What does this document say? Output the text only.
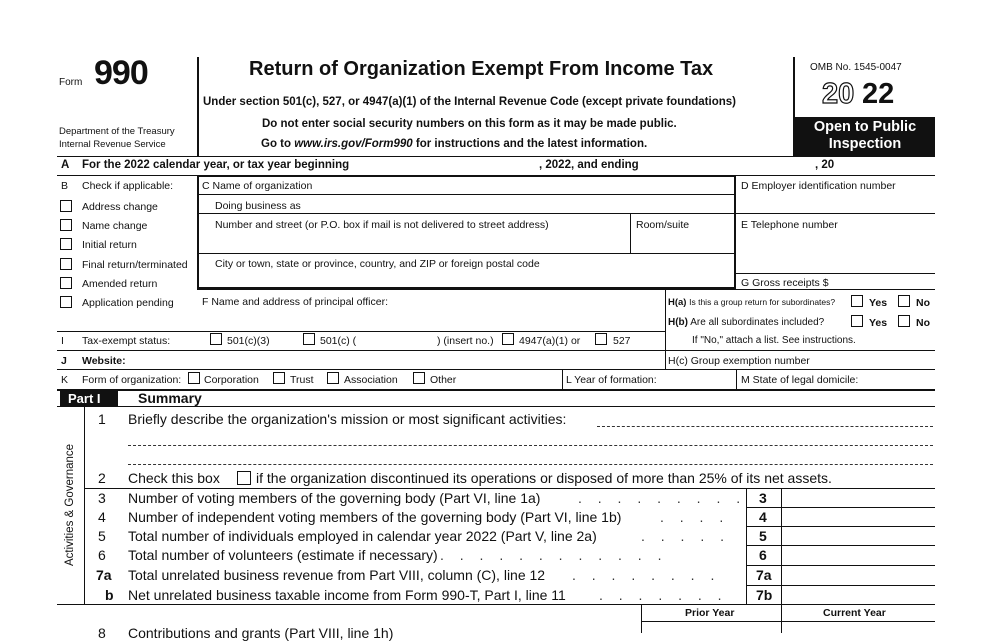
Form 990
Department of the Treasury
Internal Revenue Service
Return of Organization Exempt From Income Tax
Under section 501(c), 527, or 4947(a)(1) of the Internal Revenue Code (except private foundations)
Do not enter social security numbers on this form as it may be made public.
Go to www.irs.gov/Form990 for instructions and the latest information.
OMB No. 1545-0047
20 22
Open to Public
Inspection
A For the 2022 calendar year, or tax year beginning	, 2022, and ending	, 20
B Check if applicable:
Address change
Name change
Initial return
Final return/terminated
Amended return
Application pending
C Name of organization
Doing business as
Number and street (or P.O. box if mail is not delivered to street address)	Room/suite
City or town, state or province, country, and ZIP or foreign postal code
D Employer identification number
E Telephone number
G Gross receipts $
F Name and address of principal officer:	H(a) Is this a group return for subordinates?	Yes	No
H(b) Are all subordinates included?	Yes	No
If "No," attach a list. See instructions.
I Tax-exempt status:	501(c)(3)	501(c) (	) (insert no.) 4947(a)(1) or	527
J Website:	H(c) Group exemption number
K Form of organization: Corporation	Trust	Association	Other	L Year of formation:	M State of legal domicile:
Part I	Summary
Activities & Governance
1 Briefly describe the organization's mission or most significant activities:
2 Check this box	if the organization discontinued its operations or disposed of more than 25% of its net assets.
3 Number of voting members of the governing body (Part VI, line 1a)	. . . . . . . . . 3
4 Number of independent voting members of the governing body (Part VI, line 1b)	. . . . 4
5 Total number of individuals employed in calendar year 2022 (Part V, line 2a)	. . . . . 5
6 Total number of volunteers (estimate if necessary) . . . . . . . . . . . .	6
7a Total unrelated business revenue from Part VIII, column (C), line 12 . . . . . . . .	7a
b Net unrelated business taxable income from Form 990-T, Part I, line 11 . . . . . . . 7b
Prior Year	Current Year
8 Contributions and grants (Part VIII, line 1h)
